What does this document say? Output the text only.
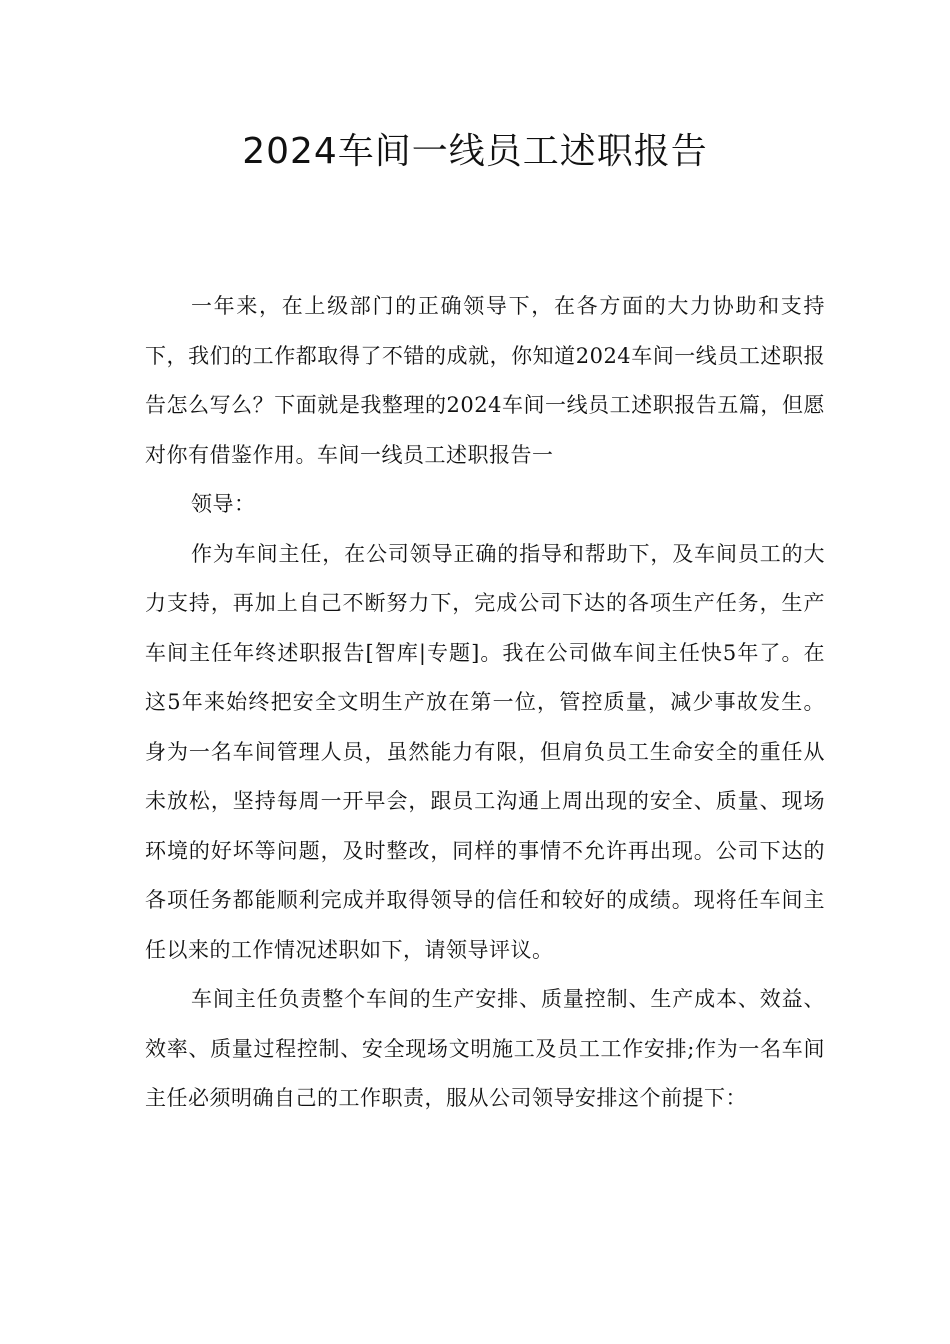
2024车间一线员工述职报告

一年来，在上级部门的正确领导下，在各方面的大力协助和支持下，我们的工作都取得了不错的成就，你知道2024车间一线员工述职报告怎么写么？下面就是我整理的2024车间一线员工述职报告五篇，但愿对你有借鉴作用。车间一线员工述职报告一

领导：

作为车间主任，在公司领导正确的指导和帮助下，及车间员工的大力支持，再加上自己不断努力下，完成公司下达的各项生产任务，生产车间主任年终述职报告[智库|专题]。我在公司做车间主任快5年了。在这5年来始终把安全文明生产放在第一位，管控质量，减少事故发生。身为一名车间管理人员，虽然能力有限，但肩负员工生命安全的重任从未放松，坚持每周一开早会，跟员工沟通上周出现的安全、质量、现场环境的好坏等问题，及时整改，同样的事情不允许再出现。公司下达的各项任务都能顺利完成并取得领导的信任和较好的成绩。现将任车间主任以来的工作情况述职如下，请领导评议。

车间主任负责整个车间的生产安排、质量控制、生产成本、效益、效率、质量过程控制、安全现场文明施工及员工工作安排;作为一名车间主任必须明确自己的工作职责，服从公司领导安排这个前提下：
